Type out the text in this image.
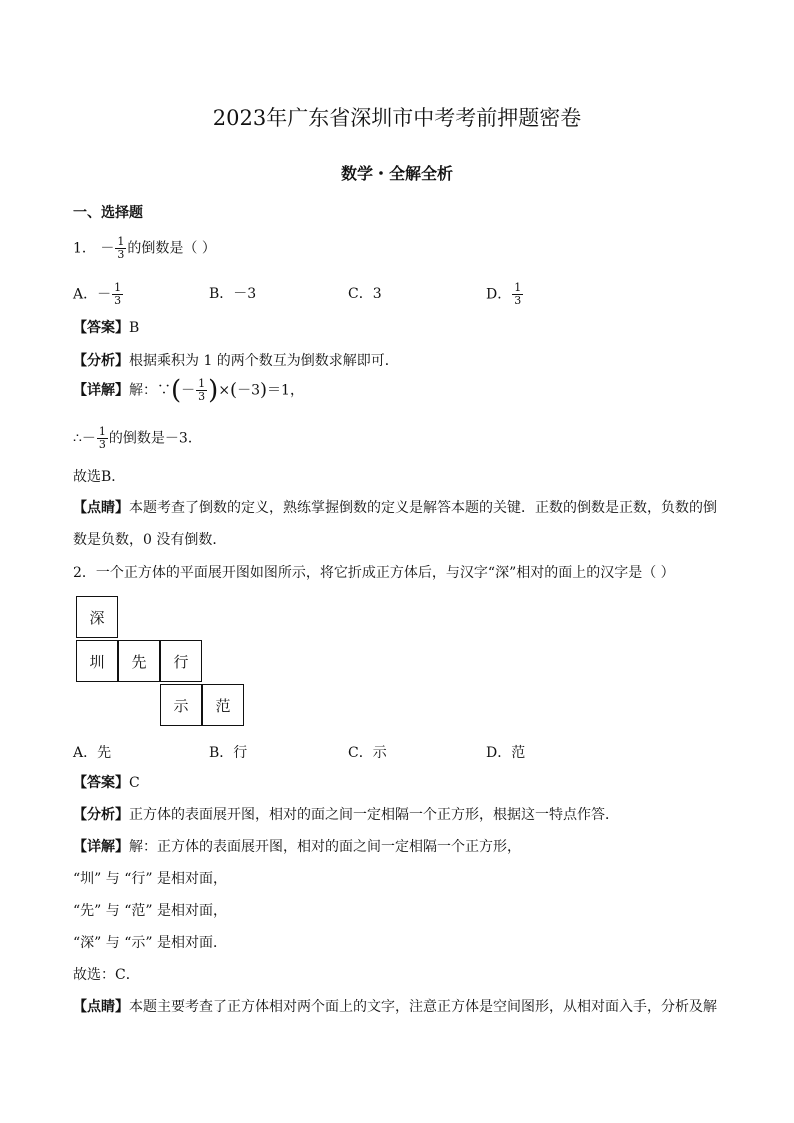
2023年广东省深圳市中考考前押题密卷
数学・全解全析
一、选择题
1． － $\frac{1}{3}$ 的倒数是（ ）
A．－ $\frac{1}{3}$	B．－3	C．3	D． $\frac{1}{3}$
【答案】B
【分析】根据乘积为 1 的两个数互为倒数求解即可．
【详解】解：∵(－ $\frac{1}{3} )\times(-3)=1$，
∴－ $\frac{1}{3}$ 的倒数是－3．
故选B．
【点睛】本题考查了倒数的定义，熟练掌握倒数的定义是解答本题的关键．正数的倒数是正数，负数的倒
数是负数，0 没有倒数．
2．一个正方体的平面展开图如图所示，将它折成正方体后，与汉字“深”相对的面上的汉字是（ ）
深
圳	先	行
示	范
A．先	B．行	C．示	D．范
【答案】C
【分析】正方体的表面展开图，相对的面之间一定相隔一个正方形，根据这一特点作答．
【详解】解：正方体的表面展开图，相对的面之间一定相隔一个正方形，
“圳” 与 “行” 是相对面，
“先” 与 “范” 是相对面，
“深” 与 “示” 是相对面．
故选：C．
【点睛】本题主要考查了正方体相对两个面上的文字，注意正方体是空间图形，从相对面入手，分析及解
